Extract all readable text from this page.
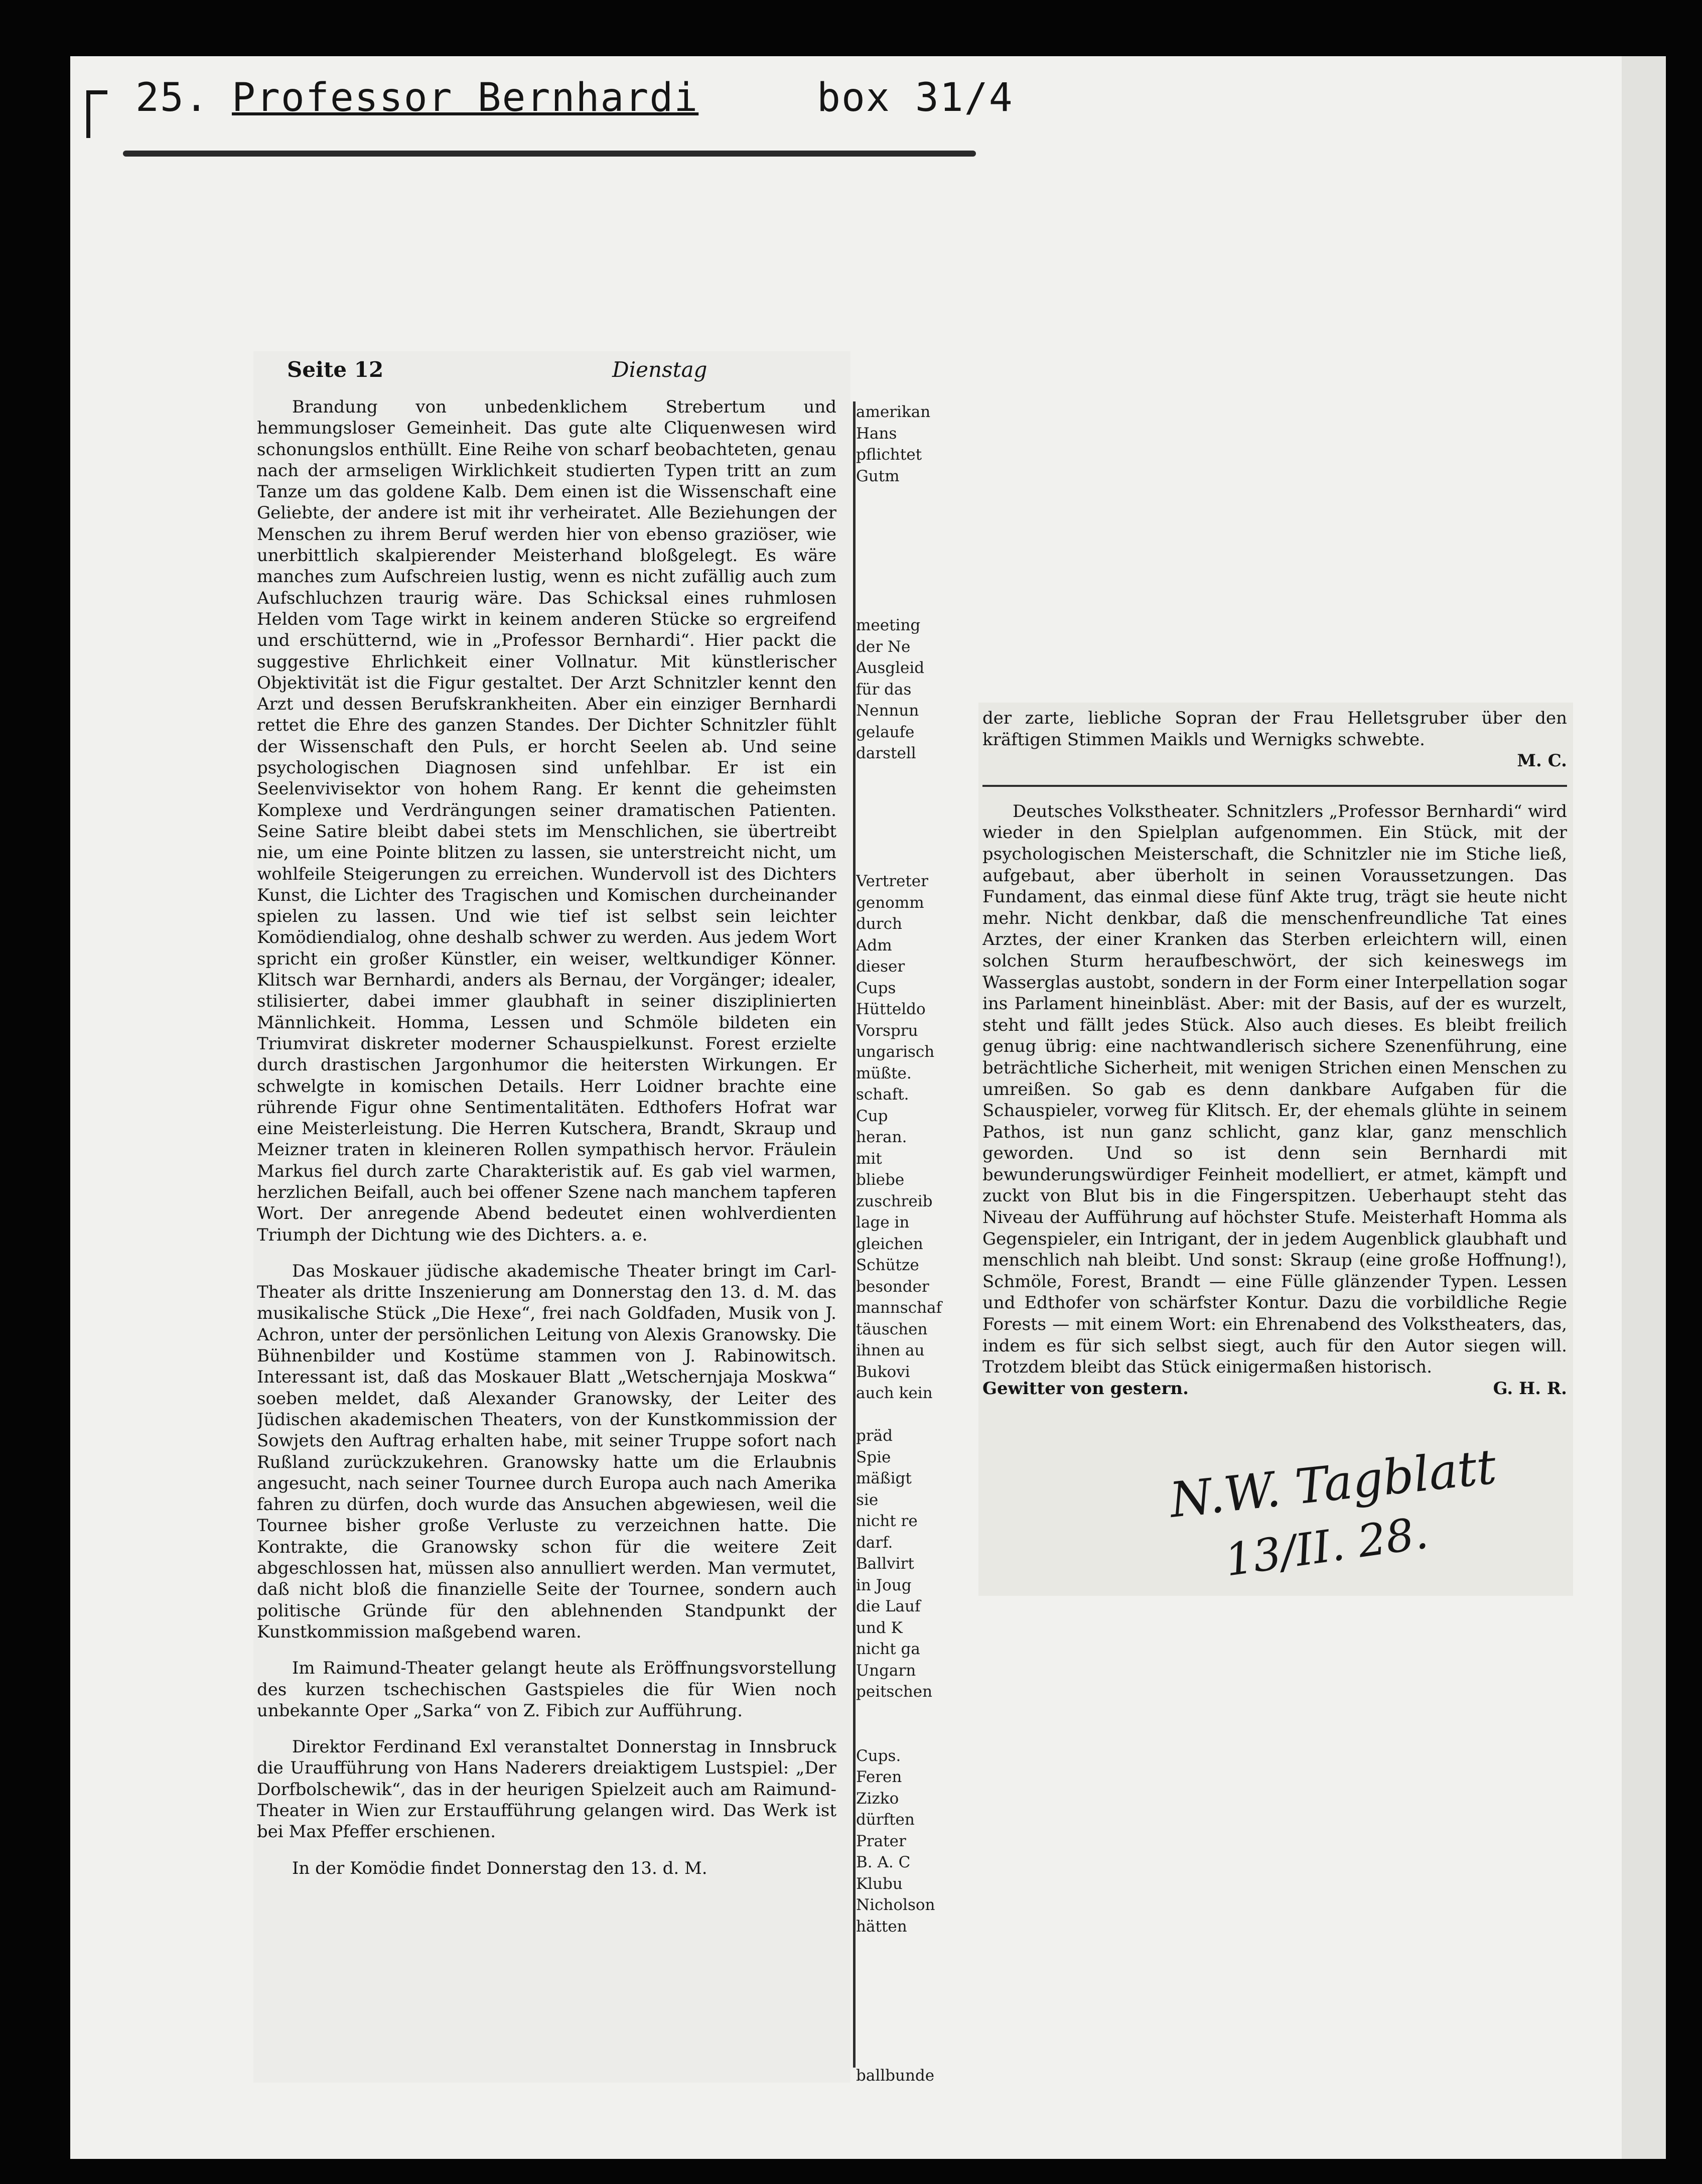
25. Professor Bernhardi	box 31/4
Seite 12	Dienstag

Brandung von unbedenklichem Strebertum und hemmungsloser Gemeinheit. Das gute alte Cliquenwesen wird schonungslos enthüllt. Eine Reihe von scharf beobachteten, genau nach der armseligen Wirklichkeit studierten Typen tritt an zum Tanze um das goldene Kalb. Dem einen ist die Wissenschaft eine Geliebte, der andere ist mit ihr verheiratet. Alle Beziehungen der Menschen zu ihrem Beruf werden hier von ebenso graziöser, wie unerbittlich skalpierender Meisterhand bloßgelegt. Es wäre manches zum Aufschreien lustig, wenn es nicht zufällig auch zum Aufschluchzen traurig wäre. Das Schicksal eines ruhmlosen Helden vom Tage wirkt in keinem anderen Stücke so ergreifend und erschütternd, wie in „Professor Bernhardi“. Hier packt die suggestive Ehrlichkeit einer Vollnatur. Mit künstlerischer Objektivität ist die Figur gestaltet. Der Arzt Schnitzler kennt den Arzt und dessen Berufskrankheiten. Aber ein einziger Bernhardi rettet die Ehre des ganzen Standes. Der Dichter Schnitzler fühlt der Wissenschaft den Puls, er horcht Seelen ab. Und seine psychologischen Diagnosen sind unfehlbar. Er ist ein Seelenvivisektor von hohem Rang. Er kennt die geheimsten Komplexe und Verdrängungen seiner dramatischen Patienten. Seine Satire bleibt dabei stets im Menschlichen, sie übertreibt nie, um eine Pointe blitzen zu lassen, sie unterstreicht nicht, um wohlfeile Steigerungen zu erreichen. Wundervoll ist des Dichters Kunst, die Lichter des Tragischen und Komischen durcheinander spielen zu lassen. Und wie tief ist selbst sein leichter Komödiendialog, ohne deshalb schwer zu werden. Aus jedem Wort spricht ein großer Künstler, ein weiser, weltkundiger Könner. Klitsch war Bernhardi, anders als Bernau, der Vorgänger; idealer, stilisierter, dabei immer glaubhaft in seiner disziplinierten Männlichkeit. Homma, Lessen und Schmöle bildeten ein Triumvirat diskreter moderner Schauspielkunst. Forest erzielte durch drastischen Jargonhumor die heitersten Wirkungen. Er schwelgte in komischen Details. Herr Loidner brachte eine rührende Figur ohne Sentimentalitäten. Edthofers Hofrat war eine Meisterleistung. Die Herren Kutschera, Brandt, Skraup und Meizner traten in kleineren Rollen sympathisch hervor. Fräulein Markus fiel durch zarte Charakteristik auf. Es gab viel warmen, herzlichen Beifall, auch bei offener Szene nach manchem tapferen Wort. Der anregende Abend bedeutet einen wohlverdienten Triumph der Dichtung wie des Dichters. a. e.

Das Moskauer jüdische akademische Theater bringt im Carl-Theater als dritte Inszenierung am Donnerstag den 13. d. M. das musikalische Stück „Die Hexe“, frei nach Goldfaden, Musik von J. Achron, unter der persönlichen Leitung von Alexis Granowsky. Die Bühnenbilder und Kostüme stammen von J. Rabinowitsch. Interessant ist, daß das Moskauer Blatt „Wetschernjaja Moskwa“ soeben meldet, daß Alexander Granowsky, der Leiter des Jüdischen akademischen Theaters, von der Kunstkommission der Sowjets den Auftrag erhalten habe, mit seiner Truppe sofort nach Rußland zurückzukehren. Granowsky hatte um die Erlaubnis angesucht, nach seiner Tournee durch Europa auch nach Amerika fahren zu dürfen, doch wurde das Ansuchen abgewiesen, weil die Tournee bisher große Verluste zu verzeichnen hatte. Die Kontrakte, die Granowsky schon für die weitere Zeit abgeschlossen hat, müssen also annulliert werden. Man vermutet, daß nicht bloß die finanzielle Seite der Tournee, sondern auch politische Gründe für den ablehnenden Standpunkt der Kunstkommission maßgebend waren.

Im Raimund-Theater gelangt heute als Eröffnungsvorstellung des kurzen tschechischen Gastspieles die für Wien noch unbekannte Oper „Sarka“ von Z. Fibich zur Aufführung.

Direktor Ferdinand Exl veranstaltet Donnerstag in Innsbruck die Uraufführung von Hans Naderers dreiaktigem Lustspiel: „Der Dorfbolschewik“, das in der heurigen Spielzeit auch am Raimund-Theater in Wien zur Erstaufführung gelangen wird. Das Werk ist bei Max Pfeffer erschienen.

In der Komödie findet Donnerstag den 13. d. M.

amerikan
Hans
pflichtet
Gutm

meeting
der Ne
Ausgleid
für das
Nennun
gelaufe
darstell

Vertreter
genomm
durch
Adm
dieser
Cups
Hütteldo
Vorspru
ungarisch
müßte.
schaft.
Cup
heran.
mit
bliebe
zuschreib
lage in
gleichen
Schütze
besonder
mannschaf
täuschen
ihnen au
Bukovi
auch kein

präd
Spie
mäßigt
sie
nicht re
darf.
Ballvirt
in Joug
die Lauf
und K
nicht ga
Ungarn
peitschen

Cups.
Feren
Zizko
dürften
Prater
B. A. C
Klubu
Nicholson
hätten

ballbunde

der zarte, liebliche Sopran der Frau Helletsgruber über den kräftigen Stimmen Maikls und Wernigks schwebte.

M. C.

Deutsches Volkstheater. Schnitzlers „Professor Bernhardi“ wird wieder in den Spielplan aufgenommen. Ein Stück, mit der psychologischen Meisterschaft, die Schnitzler nie im Stiche ließ, aufgebaut, aber überholt in seinen Voraussetzungen. Das Fundament, das einmal diese fünf Akte trug, trägt sie heute nicht mehr. Nicht denkbar, daß die menschenfreundliche Tat eines Arztes, der einer Kranken das Sterben erleichtern will, einen solchen Sturm heraufbeschwört, der sich keineswegs im Wasserglas austobt, sondern in der Form einer Interpellation sogar ins Parlament hineinbläst. Aber: mit der Basis, auf der es wurzelt, steht und fällt jedes Stück. Also auch dieses. Es bleibt freilich genug übrig: eine nachtwandlerisch sichere Szenenführung, eine beträchtliche Sicherheit, mit wenigen Strichen einen Menschen zu umreißen. So gab es denn dankbare Aufgaben für die Schauspieler, vorweg für Klitsch. Er, der ehemals glühte in seinem Pathos, ist nun ganz schlicht, ganz klar, ganz menschlich geworden. Und so ist denn sein Bernhardi mit bewunderungswürdiger Feinheit modelliert, er atmet, kämpft und zuckt von Blut bis in die Fingerspitzen. Ueberhaupt steht das Niveau der Aufführung auf höchster Stufe. Meisterhaft Homma als Gegenspieler, ein Intrigant, der in jedem Augenblick glaubhaft und menschlich nah bleibt. Und sonst: Skraup (eine große Hoffnung!), Schmöle, Forest, Brandt — eine Fülle glänzender Typen. Lessen und Edthofer von schärfster Kontur. Dazu die vorbildliche Regie Forests — mit einem Wort: ein Ehrenabend des Volkstheaters, das, indem es für sich selbst siegt, auch für den Autor siegen will. Trotzdem bleibt das Stück einigermaßen historisch.

Gewitter von gestern.	G. H. R.
N.W. Tagblatt
13/II. 28.
